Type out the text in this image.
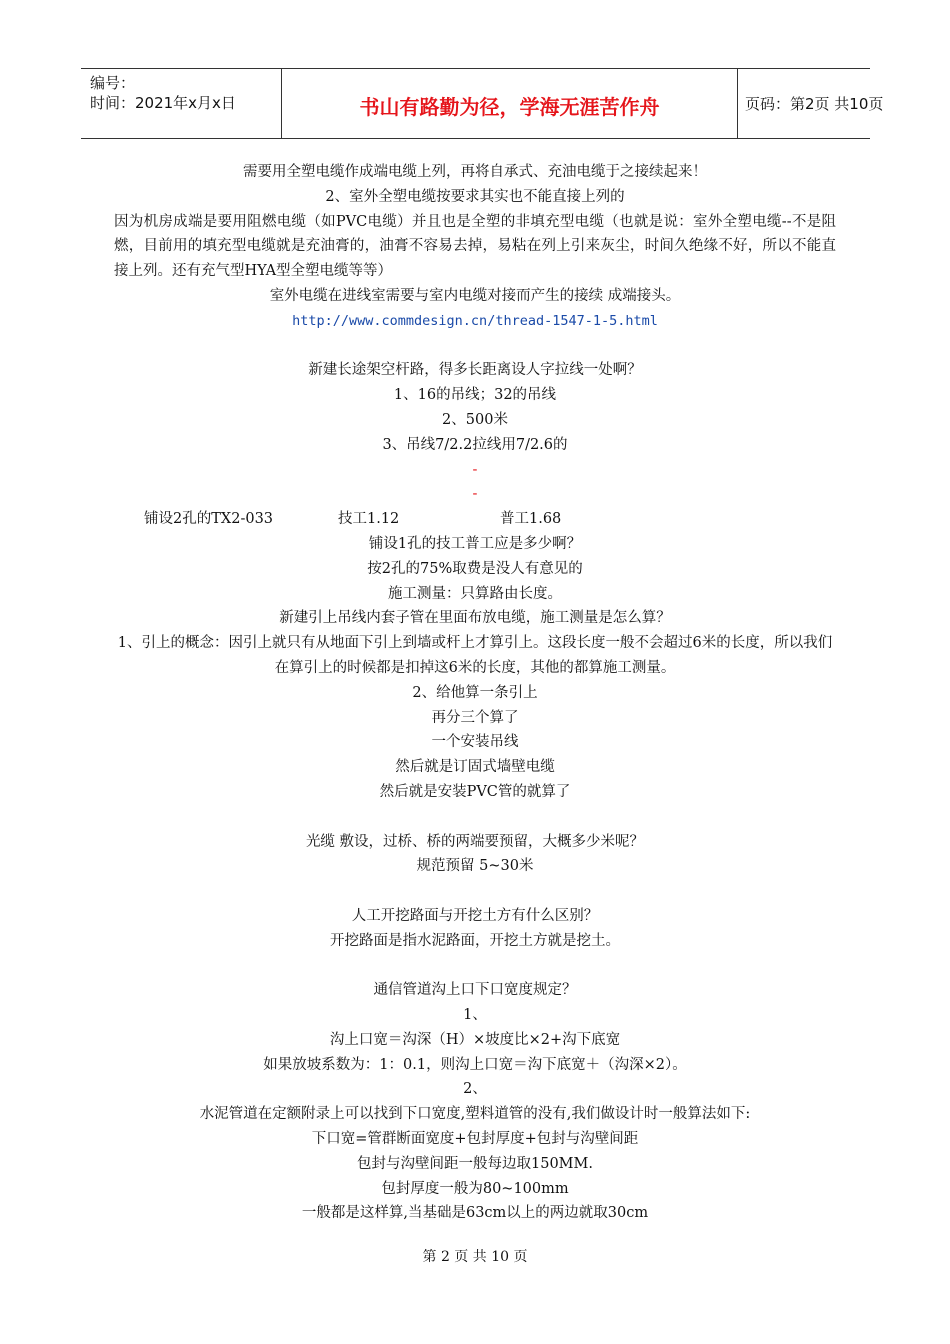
编号：
时间：2021年x月x日	书山有路勤为径，学海无涯苦作舟	页码：第2页 共10页
需要用全塑电缆作成端电缆上列，再将自承式、充油电缆于之接续起来！
2、室外全塑电缆按要求其实也不能直接上列的
因为机房成端是要用阻燃电缆（如PVC电缆）并且也是全塑的非填充型电缆（也就是说：室外全塑电缆--不是阻燃，目前用的填充型电缆就是充油膏的，油膏不容易去掉，易粘在列上引来灰尘，时间久绝缘不好，所以不能直接上列。还有充气型HYA型全塑电缆等等）
室外电缆在进线室需要与室内电缆对接而产生的接续 成端接头。
http://www.commdesign.cn/thread-1547-1-5.html
新建长途架空杆路，得多长距离设人字拉线一处啊？
1、16的吊线；32的吊线
2、500米
3、吊线7/2.2拉线用7/2.6的
-
-
铺设2孔的TX2-033	技工1.12	普工1.68
铺设1孔的技工普工应是多少啊？
按2孔的75%取费是没人有意见的
施工测量：只算路由长度。
新建引上吊线内套子管在里面布放电缆，施工测量是怎么算？
1、引上的概念：因引上就只有从地面下引上到墙或杆上才算引上。这段长度一般不会超过6米的长度，所以我们在算引上的时候都是扣掉这6米的长度，其他的都算施工测量。
2、给他算一条引上
再分三个算了
一个安装吊线
然后就是订固式墙壁电缆
然后就是安装PVC管的就算了
光缆 敷设，过桥、桥的两端要预留，大概多少米呢？
规范预留 5~30米
人工开挖路面与开挖土方有什么区别？
开挖路面是指水泥路面，开挖土方就是挖土。
通信管道沟上口下口宽度规定？
1、
沟上口宽＝沟深（H）×坡度比×2+沟下底宽
如果放坡系数为：1：0.1，则沟上口宽＝沟下底宽＋（沟深×2）。
2、
水泥管道在定额附录上可以找到下口宽度,塑料道管的没有,我们做设计时一般算法如下:
下口宽=管群断面宽度+包封厚度+包封与沟壁间距
包封与沟壁间距一般每边取150MM.
包封厚度一般为80~100mm
一般都是这样算,当基础是63cm以上的两边就取30cm
第 2 页 共 10 页
